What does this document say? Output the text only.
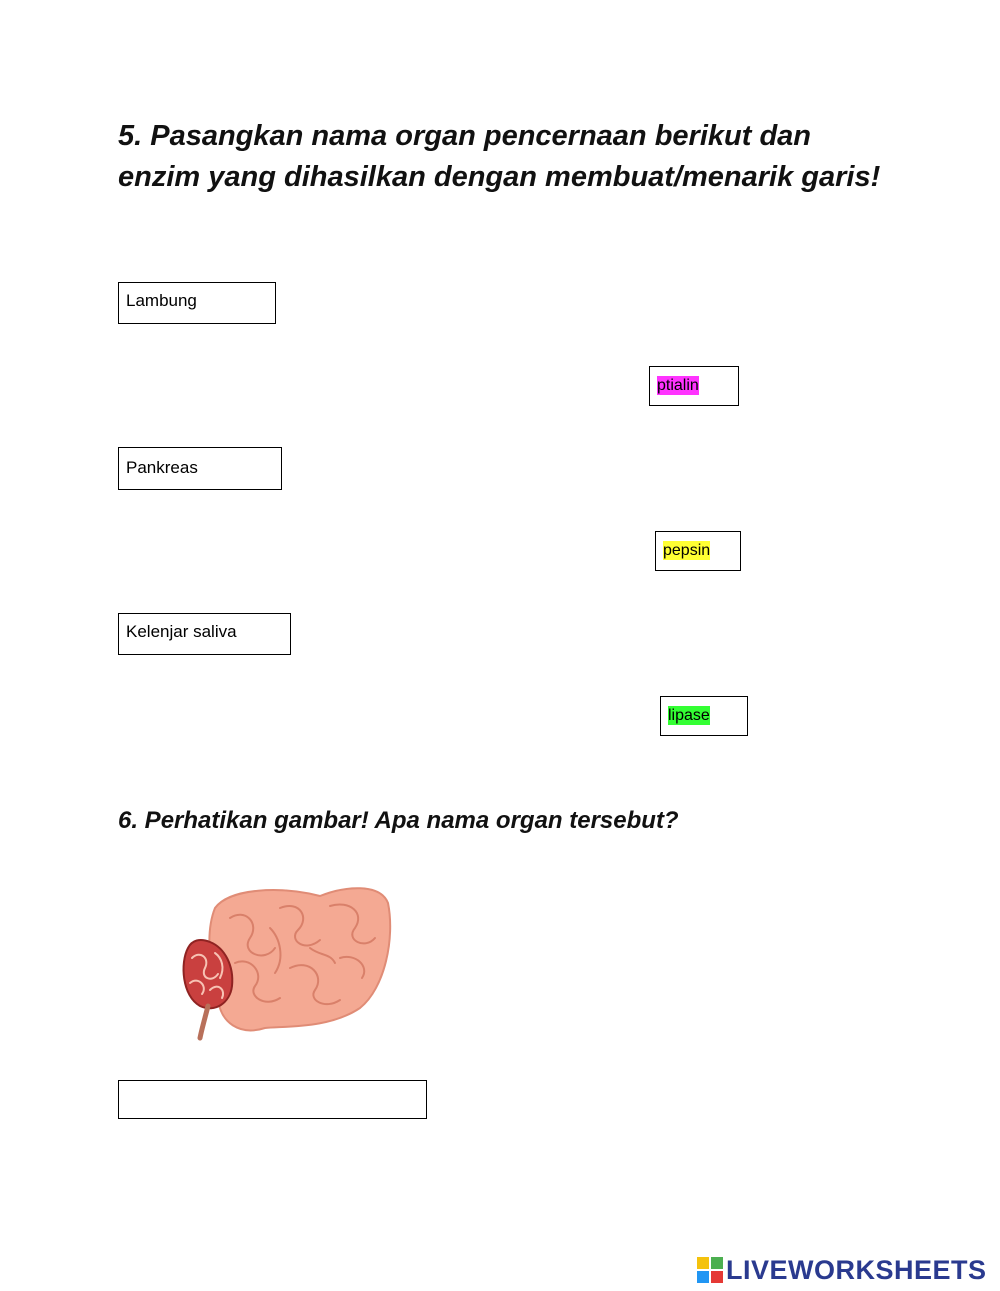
5. Pasangkan nama organ pencernaan berikut dan enzim yang dihasilkan dengan membuat/menarik garis!
Lambung
ptialin
Pankreas
pepsin
Kelenjar saliva
lipase
6. Perhatikan gambar! Apa nama organ tersebut?
LIVEWORKSHEETS
